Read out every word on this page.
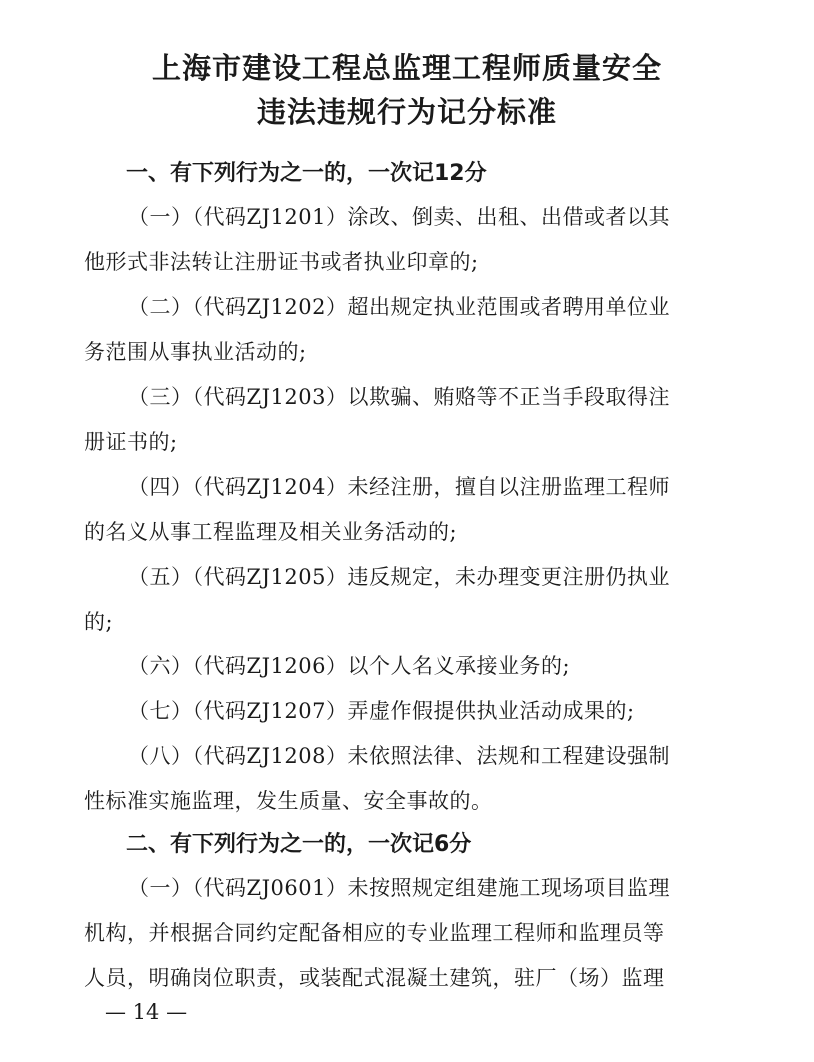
上海市建设工程总监理工程师质量安全
违法违规行为记分标准
一、有下列行为之一的，一次记12分
（一）（代码ZJ1201）涂改、倒卖、出租、出借或者以其
他形式非法转让注册证书或者执业印章的;
（二）（代码ZJ1202）超出规定执业范围或者聘用单位业
务范围从事执业活动的;
（三）（代码ZJ1203）以欺骗、贿赂等不正当手段取得注
册证书的;
（四）（代码ZJ1204）未经注册，擅自以注册监理工程师
的名义从事工程监理及相关业务活动的;
（五）（代码ZJ1205）违反规定，未办理变更注册仍执业
的;
（六）（代码ZJ1206）以个人名义承接业务的;
（七）（代码ZJ1207）弄虚作假提供执业活动成果的;
（八）（代码ZJ1208）未依照法律、法规和工程建设强制
性标准实施监理，发生质量、安全事故的。
二、有下列行为之一的，一次记6分
（一）（代码ZJ0601）未按照规定组建施工现场项目监理
机构，并根据合同约定配备相应的专业监理工程师和监理员等
人员，明确岗位职责，或装配式混凝土建筑，驻厂（场）监理
— 14 —
